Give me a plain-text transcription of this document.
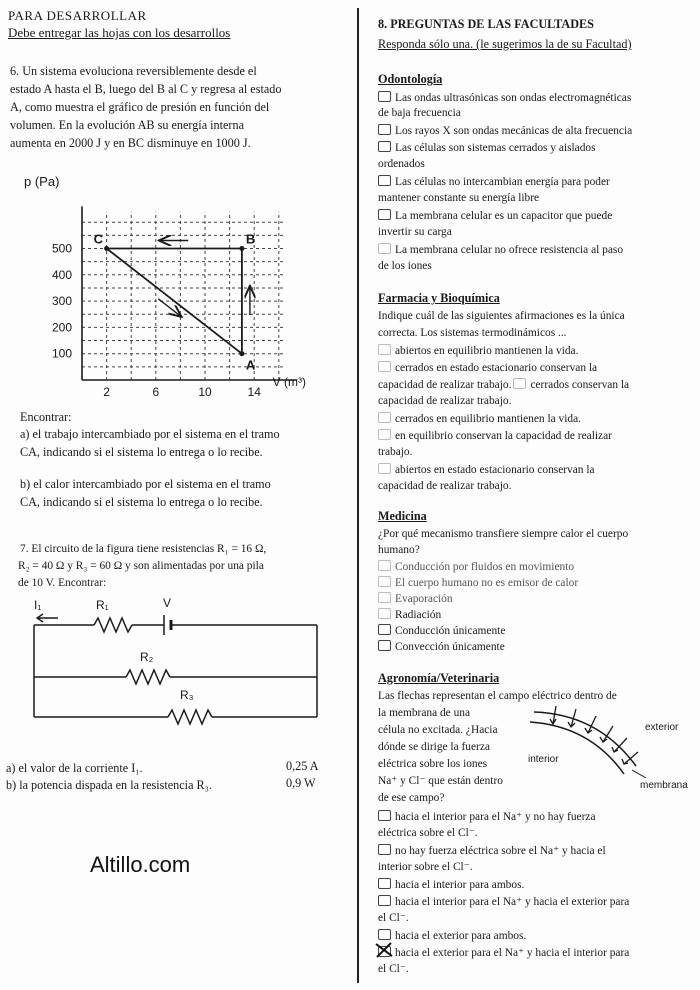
PARA DESARROLLAR
Debe entregar las hojas con los desarrollos
6. Un sistema evoluciona reversiblemente desde el
estado A hasta el B, luego del B al C y regresa al estado
A, como muestra el gráfico de presión en función del
volumen. En la evolución AB su energía interna
aumenta en 2000 J y en BC disminuye en 1000 J.
p (Pa)
V (m³)
2	6	10	14
100
200
300
400
500
A
B
C
Encontrar:
a) el trabajo intercambiado por el sistema en el tramo
CA, indicando si el sistema lo entrega o lo recibe.
b) el calor intercambiado por el sistema en el tramo
CA, indicando si el sistema lo entrega o lo recibe.
7. El circuito de la figura tiene resistencias R₁ = 16 Ω,
R₂ = 40 Ω y R₃ = 60 Ω y son alimentadas por una pila
de 10 V. Encontrar:
I₁	R₁	V
R₂
R₃
a) el valor de la corriente I₁.	0,25 A
b) la potencia dispada en la resistencia R₃.	0,9 W
Altillo.com
8. PREGUNTAS DE LAS FACULTADES
Responda sólo una. (le sugerimos la de su Facultad)
Odontología
Las ondas ultrasónicas son ondas electromagnéticas
de baja frecuencia
Los rayos X son ondas mecánicas de alta frecuencia
Las células son sistemas cerrados y aislados
ordenados
Las células no intercambian energía para poder
mantener constante su energía libre
La membrana celular es un capacitor que puede
invertir su carga
La membrana celular no ofrece resistencia al paso
de los iones
Farmacia y Bioquímica
Indique cuál de las siguientes afirmaciones es la única
correcta. Los sistemas termodinámicos ...
abiertos en equilibrio mantienen la vida.
cerrados en estado estacionario conservan la
capacidad de realizar trabajo. cerrados conservan la
capacidad de realizar trabajo.
cerrados en equilibrio mantienen la vida.
en equilibrio conservan la capacidad de realizar
trabajo.
abiertos en estado estacionario conservan la
capacidad de realizar trabajo.
Medicina
¿Por qué mecanismo transfiere siempre calor el cuerpo
humano?
Conducción por fluidos en movimiento
El cuerpo humano no es emisor de calor
Evaporación
Radiación
Conducción únicamente
Convección únicamente
Agronomía/Veterinaria
Las flechas representan el campo eléctrico dentro de
la membrana de una
célula no excitada. ¿Hacia
dónde se dirige la fuerza
eléctrica sobre los iones
Na⁺ y Cl⁻ que están dentro
de ese campo?
exterior
interior
membrana
hacia el interior para el Na⁺ y no hay fuerza
eléctrica sobre el Cl⁻.
no hay fuerza eléctrica sobre el Na⁺ y hacia el
interior sobre el Cl⁻.
hacia el interior para ambos.
hacia el interior para el Na⁺ y hacia el exterior para
el Cl⁻.
hacia el exterior para ambos.
hacia el exterior para el Na⁺ y hacia el interior para
el Cl⁻.
